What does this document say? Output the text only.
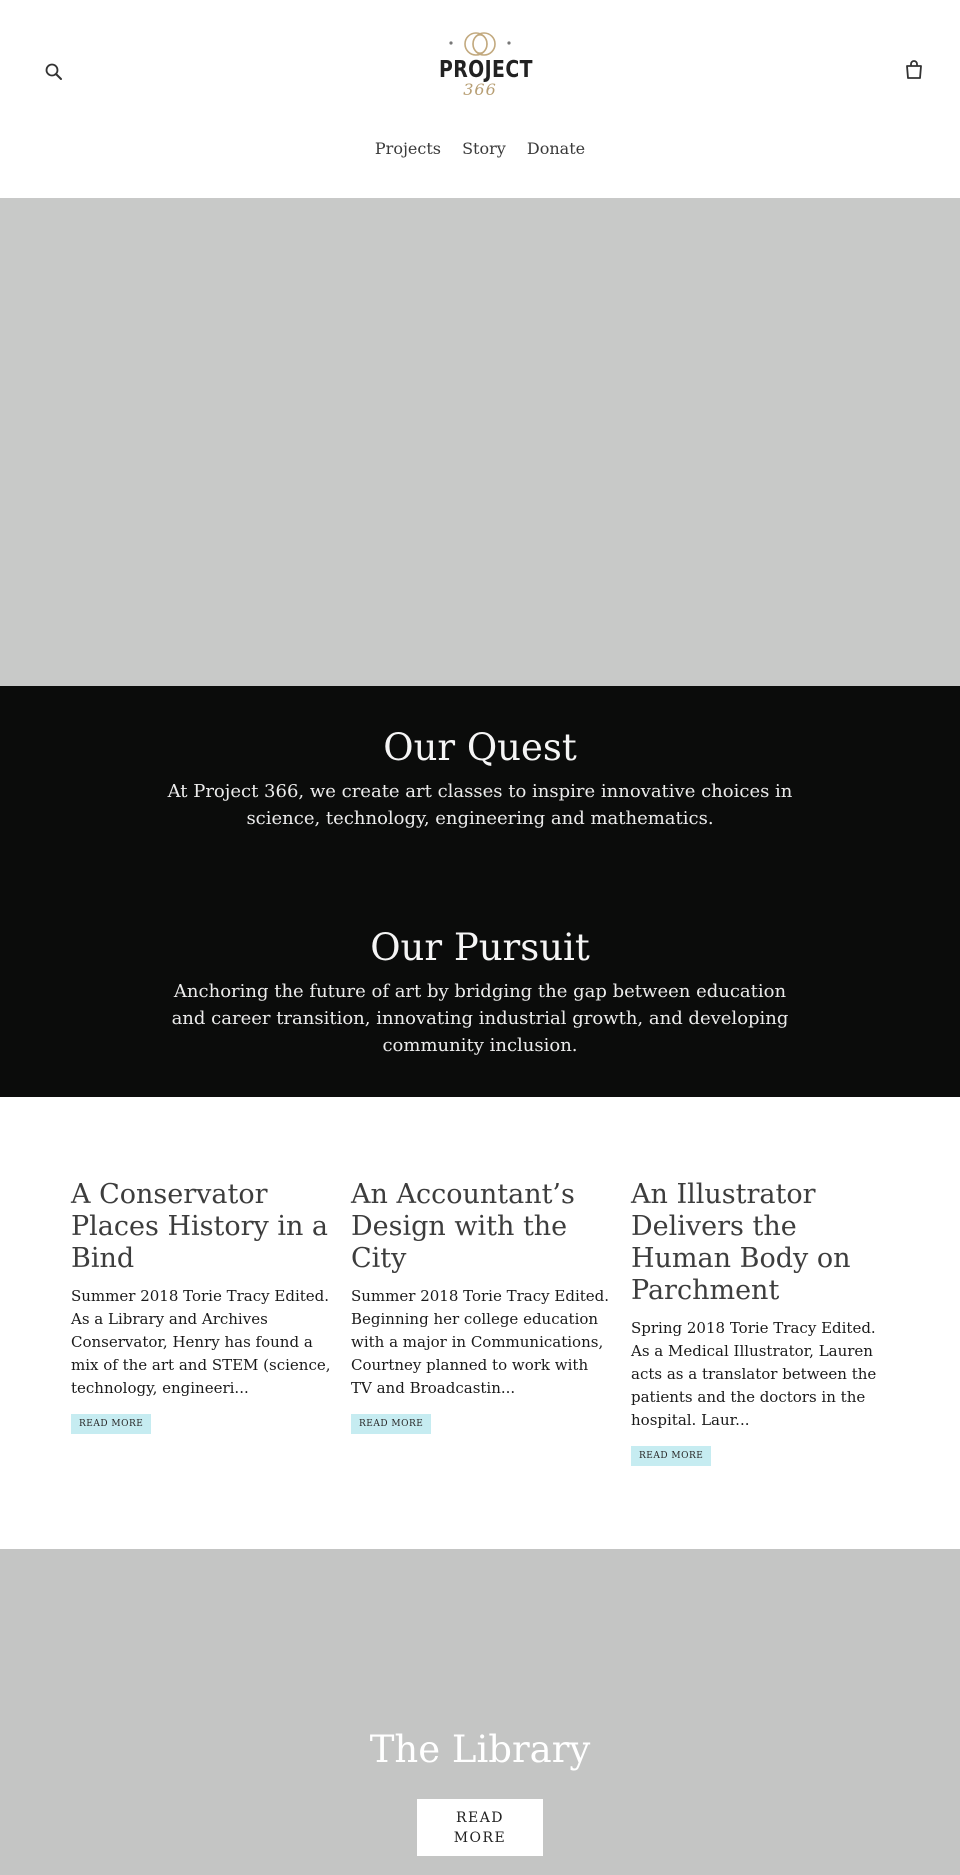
PROJECT
366
Projects Story Donate
Our Quest

At Project 366, we create art classes to inspire innovative choices in science, technology, engineering and mathematics.

Our Pursuit

Anchoring the future of art by bridging the gap between education and career transition, innovating industrial growth, and developing community inclusion.

A Conservator Places History in a Bind

Summer 2018 Torie Tracy Edited. As a Library and Archives Conservator, Henry has found a mix of the art and STEM (science, technology, engineeri...

READ MORE
An Accountant’s Design with the City

Summer 2018 Torie Tracy Edited. Beginning her college education with a major in Communications, Courtney planned to work with TV and Broadcastin...

READ MORE
An Illustrator Delivers the Human Body on Parchment

Spring 2018 Torie Tracy Edited. As a Medical Illustrator, Lauren acts as a translator between the patients and the doctors in the hospital. Laur...

READ MORE
The Library
READ MORE
